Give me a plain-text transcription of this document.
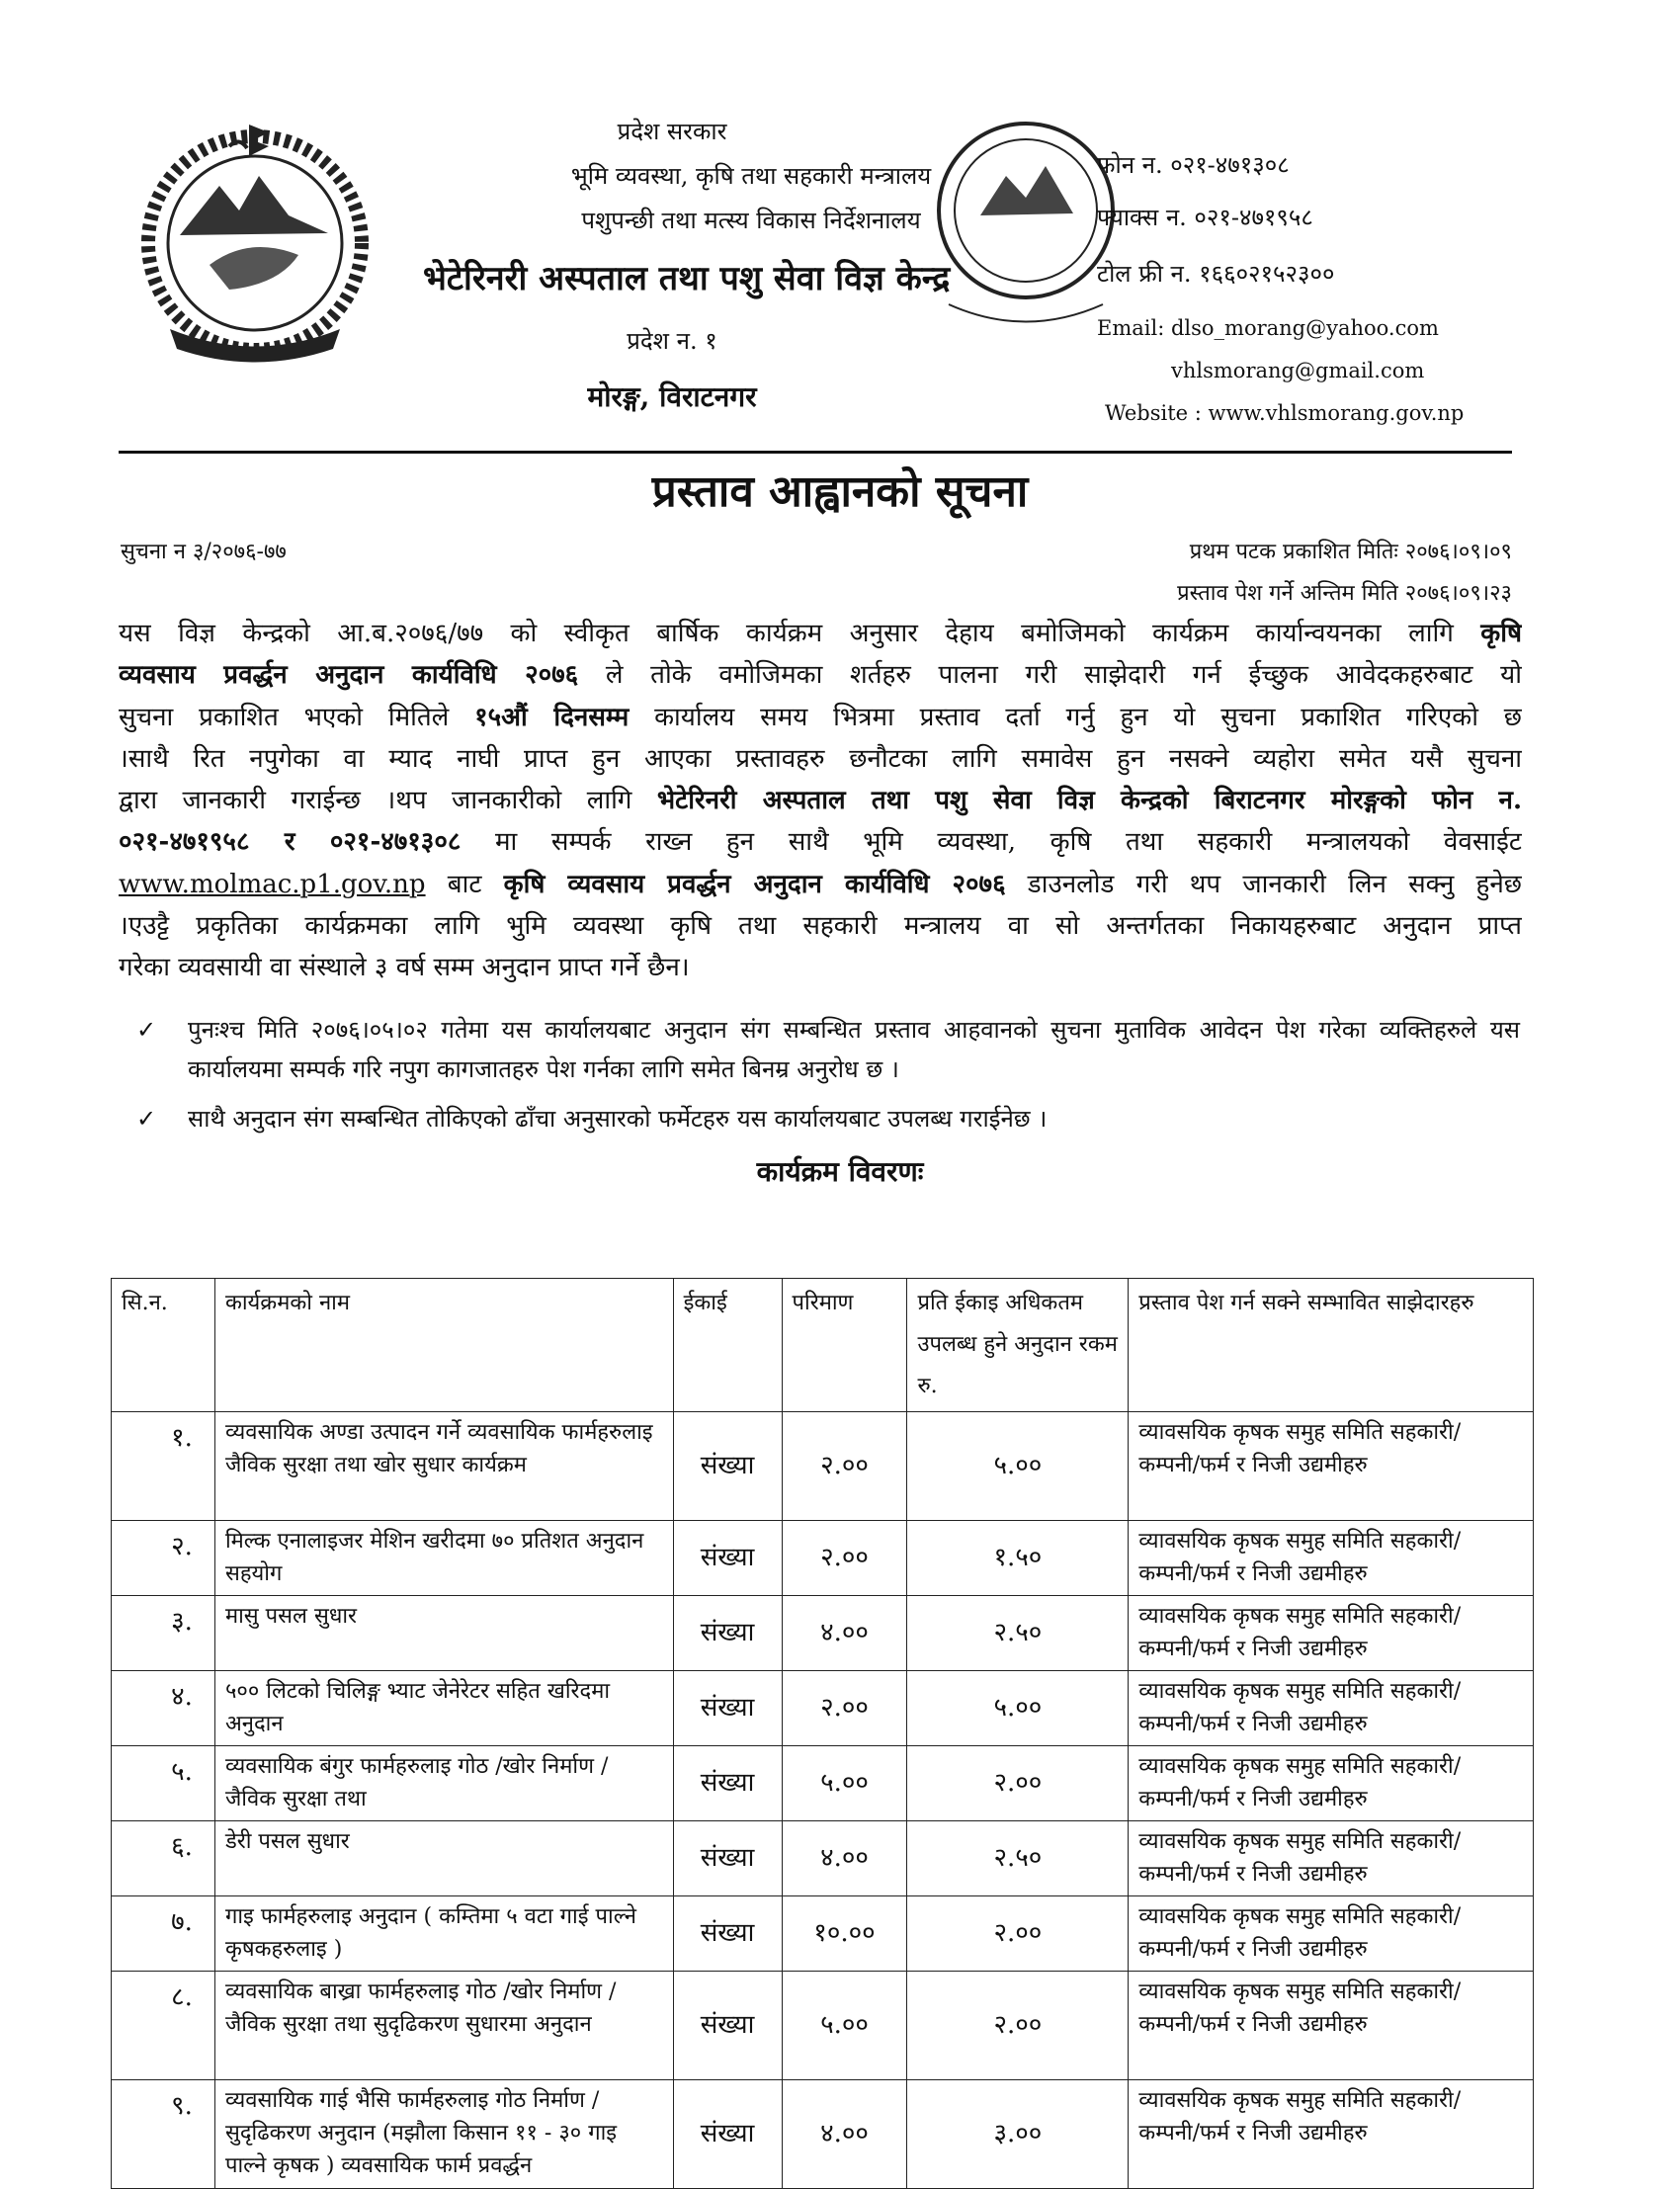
प्रदेश सरकार
भूमि व्यवस्था, कृषि तथा सहकारी मन्त्रालय
पशुपन्छी तथा मत्स्य विकास निर्देशनालय
भेटेरिनरी अस्पताल तथा पशु सेवा विज्ञ केन्द्र
प्रदेश न. १
मोरङ्ग, विराटनगर
फोन न. ०२१-४७१३०८
फ्याक्स न. ०२१-४७१९५८
टोल फ्री न. १६६०२१५२३००
Email: dlso_morang@yahoo.com
vhlsmorang@gmail.com
Website : www.vhlsmorang.gov.np
प्रस्ताव आह्वानको सूचना
सुचना न ३/२०७६-७७	प्रथम पटक प्रकाशित मितिः २०७६।०९।०९
प्रस्ताव पेश गर्ने अन्तिम मिति २०७६।०९।२३
यस विज्ञ केन्द्रको आ.ब.२०७६/७७ को स्वीकृत बार्षिक कार्यक्रम अनुसार देहाय बमोजिमको कार्यक्रम कार्यान्वयनका लागि कृषि
व्यवसाय प्रवर्द्धन अनुदान कार्यविधि २०७६ ले तोके वमोजिमका शर्तहरु पालना गरी साझेदारी गर्न ईच्छुक आवेदकहरुबाट यो
सुचना प्रकाशित भएको मितिले १५औं दिनसम्म कार्यालय समय भित्रमा प्रस्ताव दर्ता गर्नु हुन यो सुचना प्रकाशित गरिएको छ
।साथै रित नपुगेका वा म्याद नाघी प्राप्त हुन आएका प्रस्तावहरु छनौटका लागि समावेस हुन नसक्ने व्यहोरा समेत यसै सुचना
द्वारा जानकारी गराईन्छ ।थप जानकारीको लागि भेटेरिनरी अस्पताल तथा पशु सेवा विज्ञ केन्द्रको बिराटनगर मोरङ्गको फोन न.
०२१-४७१९५८ र ०२१-४७१३०८ मा सम्पर्क राख्न हुन साथै भूमि व्यवस्था, कृषि तथा सहकारी मन्त्रालयको वेवसाईट
www.molmac.p1.gov.np बाट कृषि व्यवसाय प्रवर्द्धन अनुदान कार्यविधि २०७६ डाउनलोड गरी थप जानकारी लिन सक्नु हुनेछ
।एउट्टै प्रकृतिका कार्यक्रमका लागि भुमि व्यवस्था कृषि तथा सहकारी मन्त्रालय वा सो अन्तर्गतका निकायहरुबाट अनुदान प्राप्त
गरेका व्यवसायी वा संस्थाले ३ वर्ष सम्म अनुदान प्राप्त गर्ने छैन।
✓	पुनःश्च मिति २०७६।०५।०२ गतेमा यस कार्यालयबाट अनुदान संग सम्बन्धित प्रस्ताव आहवानको सुचना मुताविक आवेदन पेश गरेका व्यक्तिहरुले यस कार्यालयमा सम्पर्क गरि नपुग कागजातहरु पेश गर्नका लागि समेत बिनम्र अनुरोध छ ।
✓	साथै अनुदान संग सम्बन्धित तोकिएको ढाँचा अनुसारको फर्मेटहरु यस कार्यालयबाट उपलब्ध गराईनेछ ।
कार्यक्रम विवरणः
सि.न.	कार्यक्रमको नाम	ईकाई	परिमाण	प्रति ईकाइ अधिकतम उपलब्ध हुने अनुदान रकम रु.	प्रस्ताव पेश गर्न सक्ने सम्भावित साझेदारहरु
१.	व्यवसायिक अण्डा उत्पादन गर्ने व्यवसायिक फार्महरुलाइ जैविक सुरक्षा तथा खोर सुधार कार्यक्रम	संख्या	२.००	५.००	व्यावसयिक कृषक समुह समिति सहकारी/ कम्पनी/फर्म र निजी उद्यमीहरु
२.	मिल्क एनालाइजर मेशिन खरीदमा ७० प्रतिशत अनुदान सहयोग	संख्या	२.००	१.५०	व्यावसयिक कृषक समुह समिति सहकारी/ कम्पनी/फर्म र निजी उद्यमीहरु
३.	मासु पसल सुधार	संख्या	४.००	२.५०	व्यावसयिक कृषक समुह समिति सहकारी/ कम्पनी/फर्म र निजी उद्यमीहरु
४.	५०० लिटको चिलिङ्ग भ्याट जेनेरेटर सहित खरिदमा अनुदान	संख्या	२.००	५.००	व्यावसयिक कृषक समुह समिति सहकारी/ कम्पनी/फर्म र निजी उद्यमीहरु
५.	व्यवसायिक बंगुर फार्महरुलाइ गोठ /खोर निर्माण / जैविक सुरक्षा तथा	संख्या	५.००	२.००	व्यावसयिक कृषक समुह समिति सहकारी/ कम्पनी/फर्म र निजी उद्यमीहरु
६.	डेरी पसल सुधार	संख्या	४.००	२.५०	व्यावसयिक कृषक समुह समिति सहकारी/ कम्पनी/फर्म र निजी उद्यमीहरु
७.	गाइ फार्महरुलाइ अनुदान ( कम्तिमा ५ वटा गाई पाल्ने कृषकहरुलाइ )	संख्या	१०.००	२.००	व्यावसयिक कृषक समुह समिति सहकारी/ कम्पनी/फर्म र निजी उद्यमीहरु
८.	व्यवसायिक बाख्रा फार्महरुलाइ गोठ /खोर निर्माण / जैविक सुरक्षा तथा सुदृढिकरण सुधारमा अनुदान	संख्या	५.००	२.००	व्यावसयिक कृषक समुह समिति सहकारी/ कम्पनी/फर्म र निजी उद्यमीहरु
९.	व्यवसायिक गाई भैसि फार्महरुलाइ गोठ निर्माण / सुदृढिकरण अनुदान (मझौला किसान ११ - ३० गाइ पाल्ने कृषक ) व्यवसायिक फार्म प्रवर्द्धन	संख्या	४.००	३.००	व्यावसयिक कृषक समुह समिति सहकारी/ कम्पनी/फर्म र निजी उद्यमीहरु
